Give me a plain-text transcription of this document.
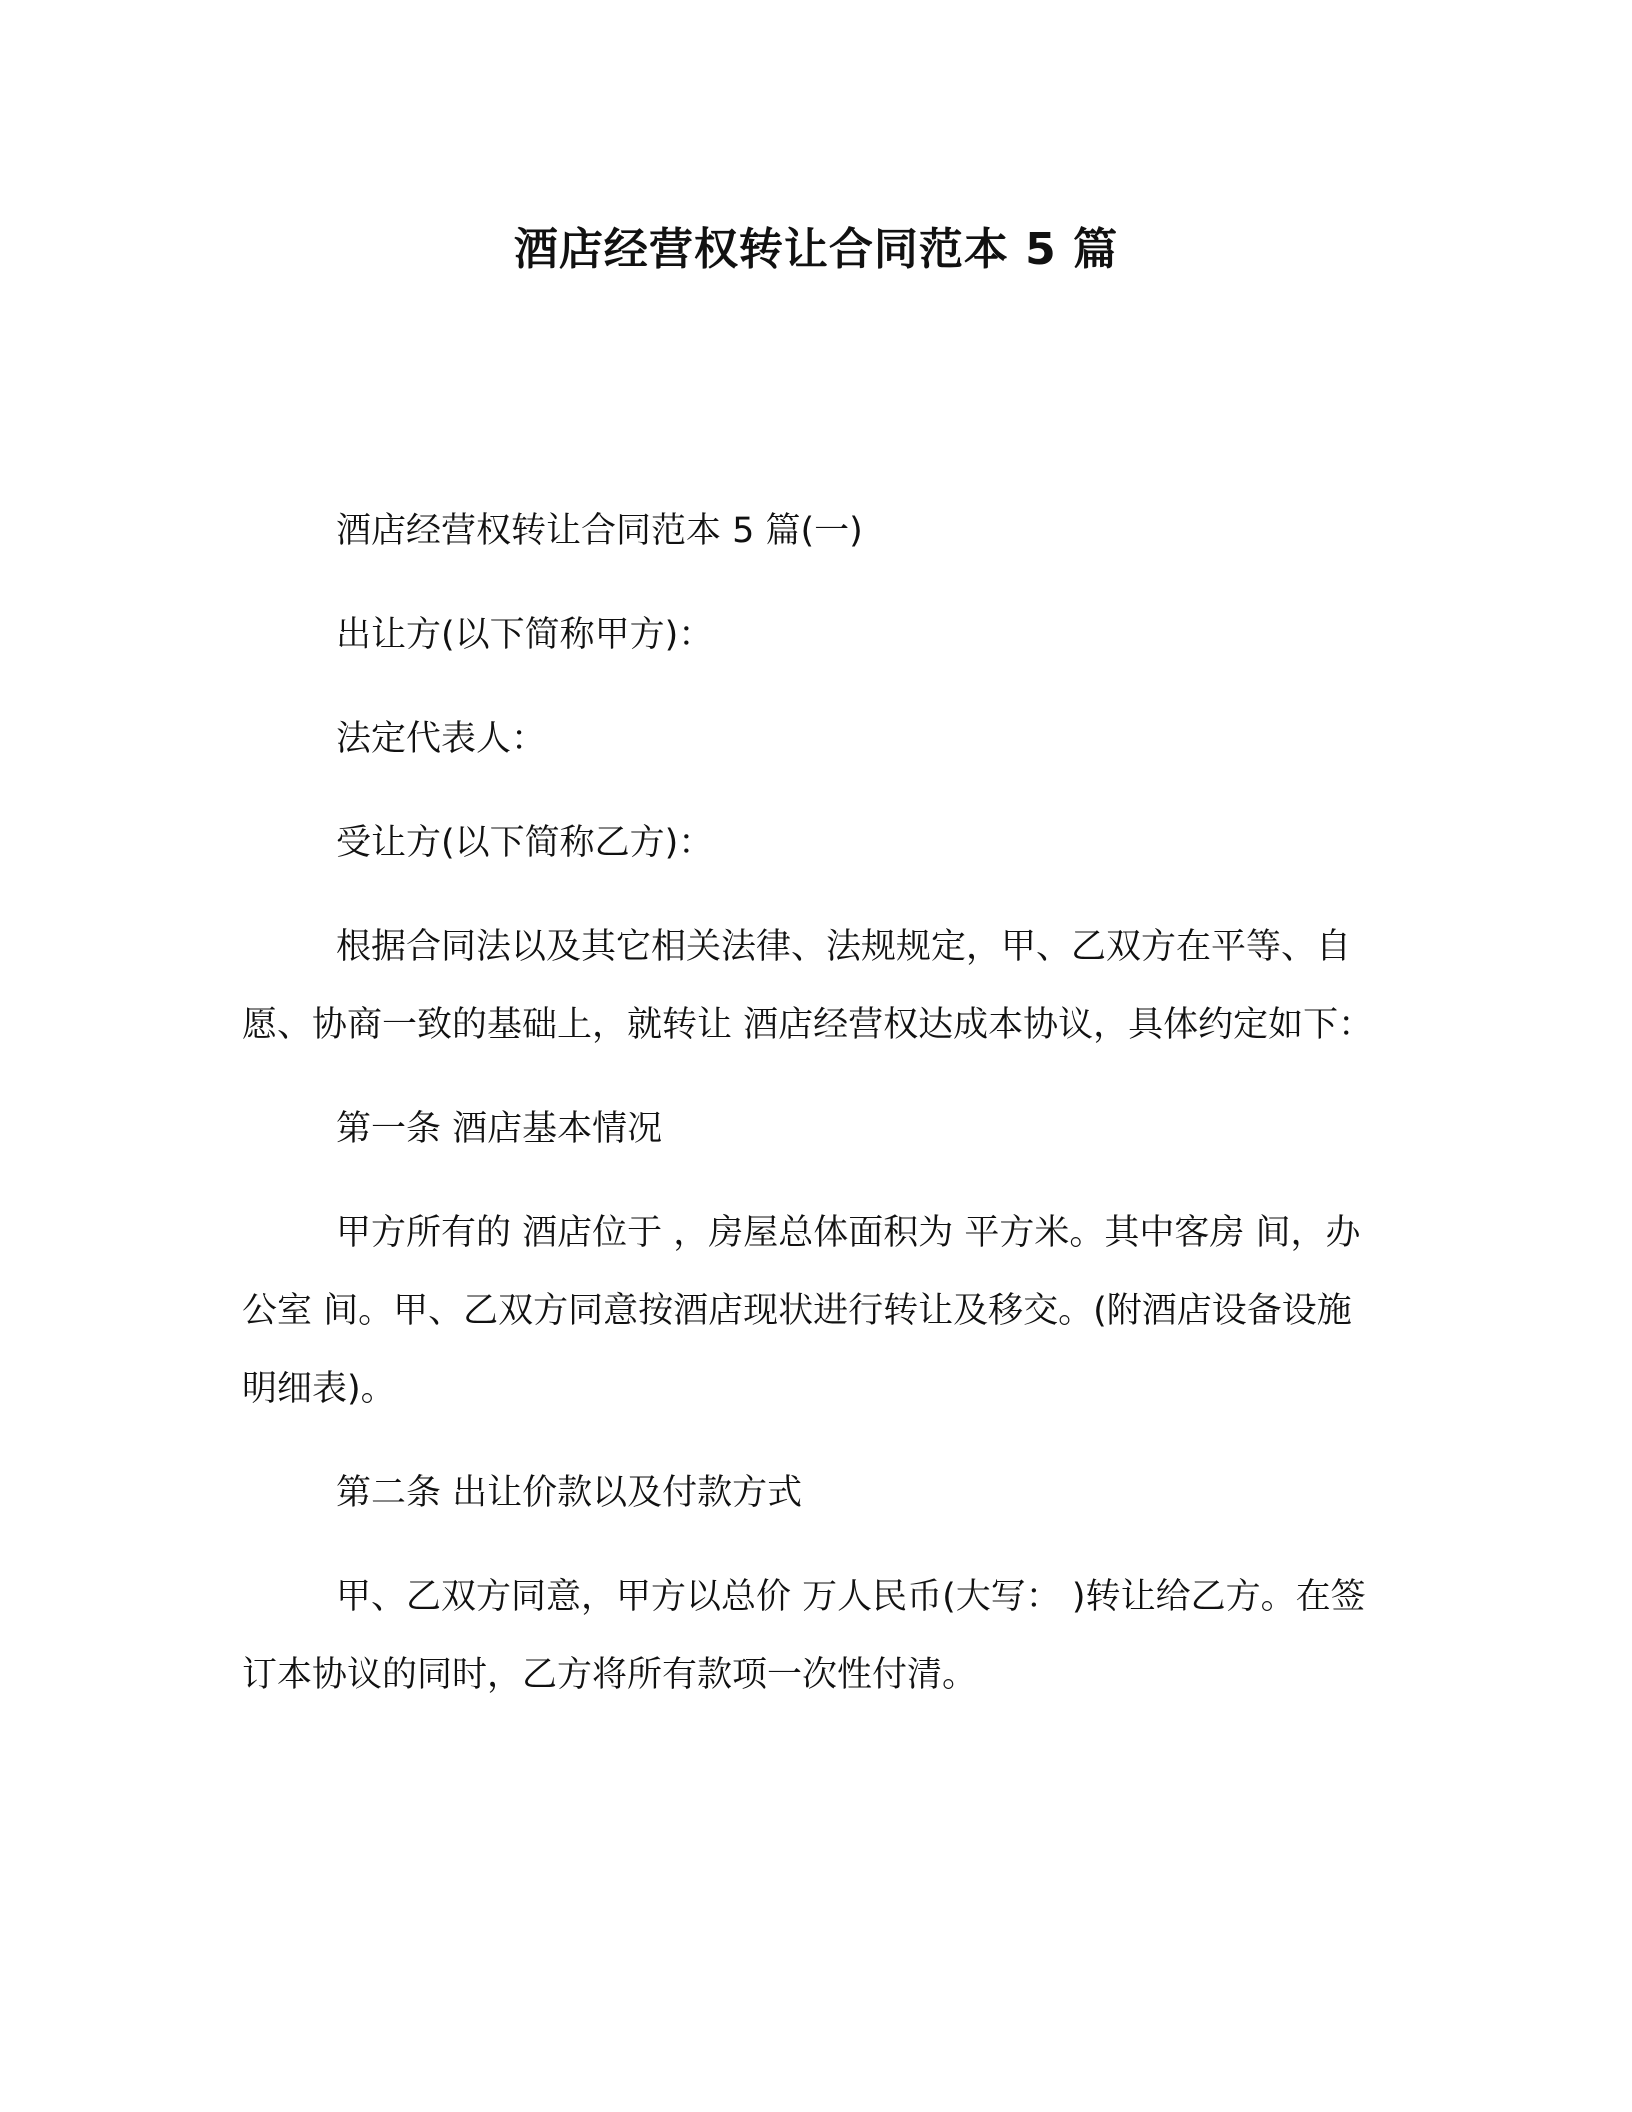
酒店经营权转让合同范本 5 篇

酒店经营权转让合同范本 5 篇(一)

出让方(以下简称甲方)：

法定代表人：

受让方(以下简称乙方)：

根据合同法以及其它相关法律、法规规定，甲、乙双方在平等、自愿、协商一致的基础上，就转让 酒店经营权达成本协议，具体约定如下：

第一条 酒店基本情况

甲方所有的 酒店位于 ，房屋总体面积为 平方米。其中客房 间，办公室 间。甲、乙双方同意按酒店现状进行转让及移交。(附酒店设备设施明细表)。

第二条 出让价款以及付款方式

甲、乙双方同意，甲方以总价 万人民币(大写： )转让给乙方。在签订本协议的同时，乙方将所有款项一次性付清。
